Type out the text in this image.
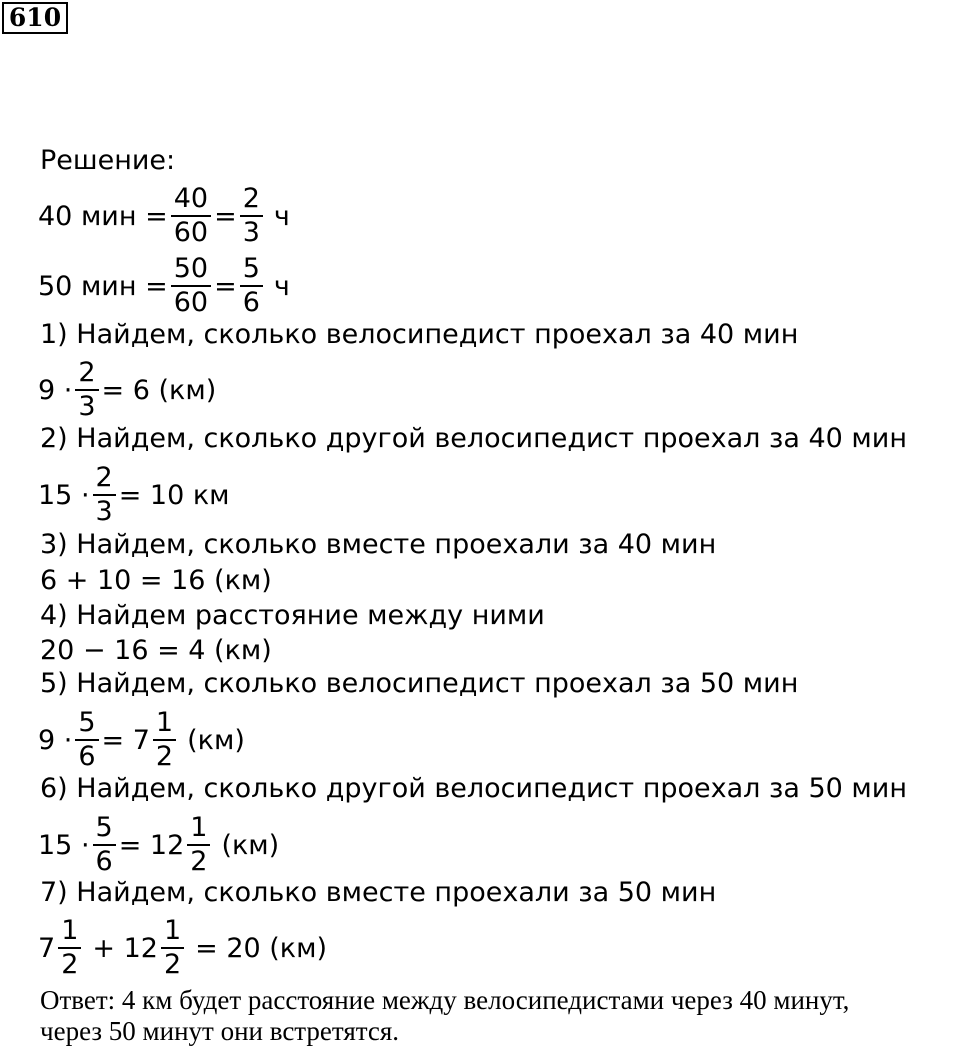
610
Решение:
40 мин = $\frac{40}{60} = \frac{2}{3}$ ч
50 мин = $\frac{50}{60} = \frac{5}{6}$ ч
1) Найдем, сколько велосипедист проехал за 40 мин
$9 \cdot \frac{2}{3} = 6$ (км)
2) Найдем, сколько другой велосипедист проехал за 40 мин
$15 \cdot \frac{2}{3} = 10$ км
3) Найдем, сколько вместе проехали за 40 мин
6 + 10 = 16 (км)
4) Найдем расстояние между ними
20 − 16 = 4 (км)
5) Найдем, сколько велосипедист проехал за 50 мин
$9 \cdot \frac{5}{6} = 7 \frac{1}{2} (км)$
6) Найдем, сколько другой велосипедист проехал за 50 мин
$15 \cdot \frac{5}{6} = 12 \frac{1}{2} (км)$
7) Найдем, сколько вместе проехали за 50 мин
$7 \frac{1}{2} + 12 \frac{1}{2} = 20$ (км)
Ответ: 4 км будет расстояние между велосипедистами через 40 минут,
через 50 минут они встретятся.
